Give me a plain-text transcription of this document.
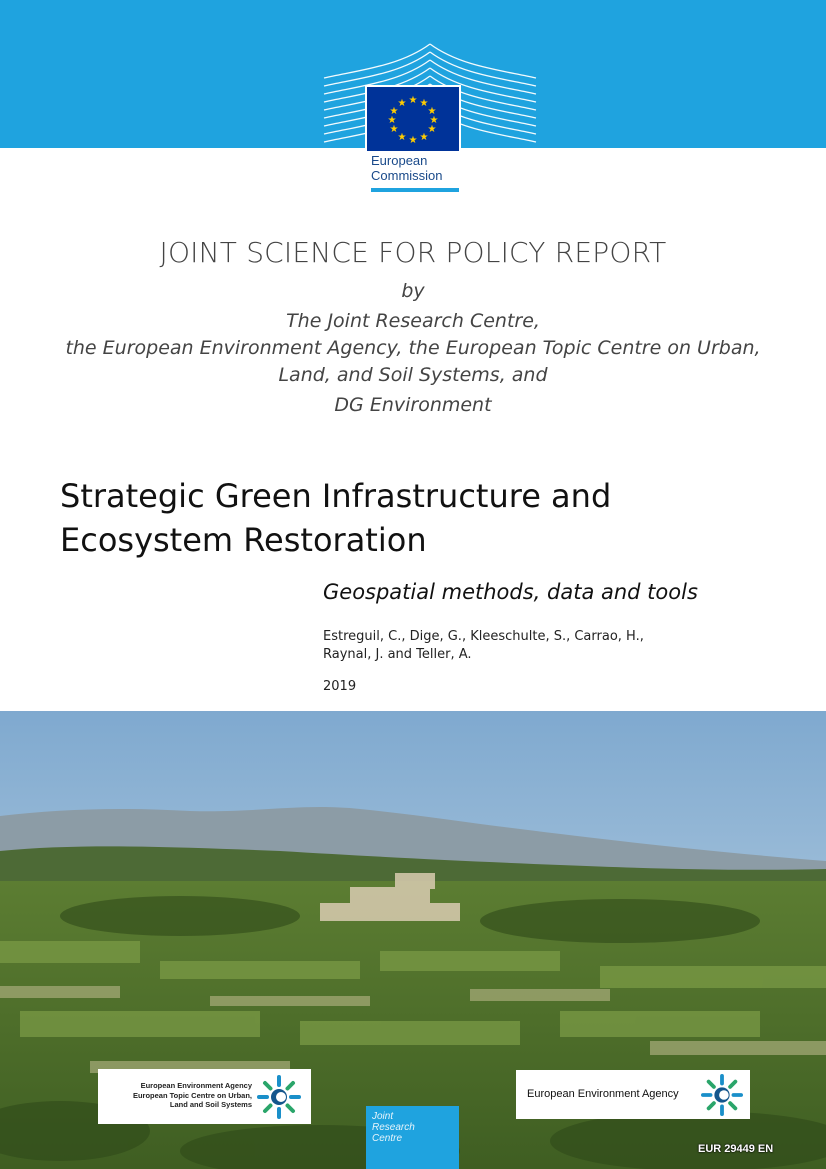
★ ★
★
★
★
★
★
★
★
★
★
★
European
Commission
JOINT SCIENCE FOR POLICY REPORT
by
The Joint Research Centre,
the European Environment Agency, the European Topic Centre on Urban,
Land, and Soil Systems, and
DG Environment
Strategic Green Infrastructure and
Ecosystem Restoration
Geospatial methods, data and tools
Estreguil, C., Dige, G., Kleeschulte, S., Carrao, H.,
Raynal, J. and Teller, A.
2019
European Environment Agency
European Topic Centre on Urban,
Land and Soil Systems
European Environment Agency
Joint
Research
Centre
EUR 29449 EN
